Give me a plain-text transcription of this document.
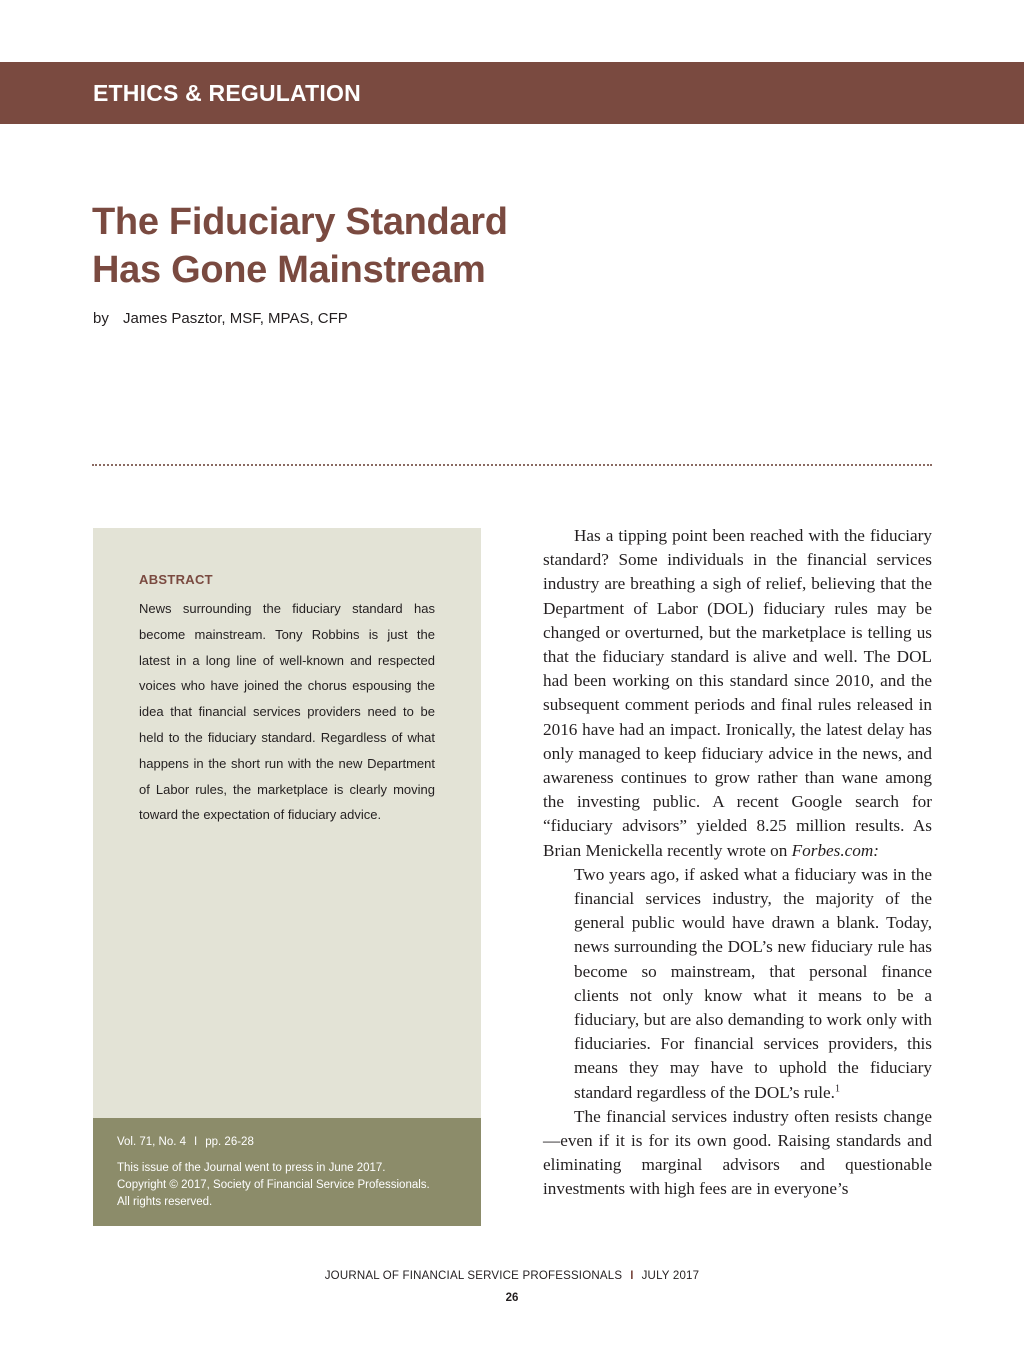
ETHICS & REGULATION
The Fiduciary Standard
Has Gone Mainstream
by James Pasztor, MSF, MPAS, CFP
ABSTRACT
News surrounding the fiduciary standard has become mainstream. Tony Robbins is just the latest in a long line of well-known and respected voices who have joined the chorus espousing the idea that financial services providers need to be held to the fiduciary standard. Regardless of what happens in the short run with the new Department of Labor rules, the marketplace is clearly moving toward the expectation of fiduciary advice.
Vol. 71, No. 4 I pp. 26-28
This issue of the Journal went to press in June 2017.
Copyright © 2017, Society of Financial Service Professionals.
All rights reserved.

Has a tipping point been reached with the fiduciary standard? Some individuals in the financial services industry are breathing a sigh of relief, believing that the Department of Labor (DOL) fiduciary rules may be changed or overturned, but the marketplace is telling us that the fiduciary standard is alive and well. The DOL had been working on this standard since 2010, and the subsequent comment periods and final rules released in 2016 have had an impact. Ironically, the latest delay has only managed to keep fiduciary advice in the news, and awareness continues to grow rather than wane among the investing public. A recent Google search for “fiduciary advisors” yielded 8.25 million results. As Brian Menickella recently wrote on Forbes.com:

Two years ago, if asked what a fiduciary was in the financial services industry, the majority of the general public would have drawn a blank. Today, news surrounding the DOL’s new fiduciary rule has become so mainstream, that personal finance clients not only know what it means to be a fiduciary, but are also demanding to work only with fiduciaries. For financial services providers, this means they may have to uphold the fiduciary standard regardless of the DOL’s rule.$^1$

The financial services industry often resists change—even if it is for its own good. Raising standards and eliminating marginal advisors and questionable investments with high fees are in everyone’s

JOURNAL OF FINANCIAL SERVICE PROFESSIONALS I JULY 2017
26
